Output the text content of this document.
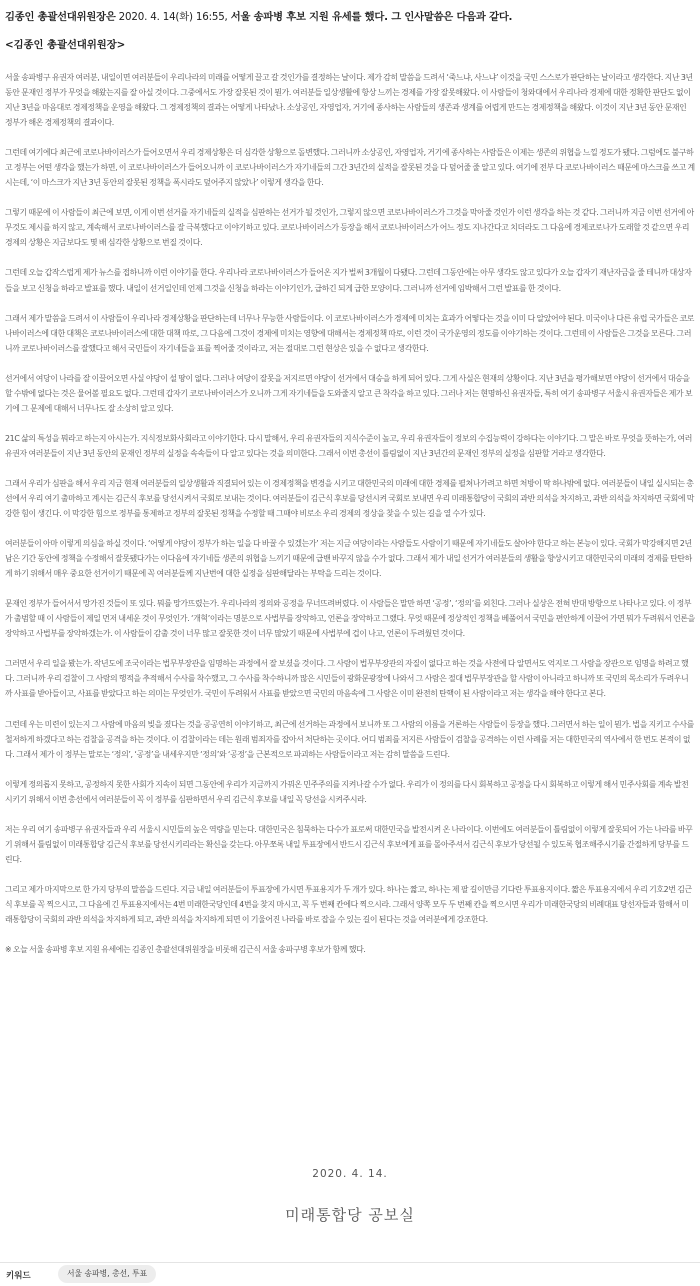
김종인 총괄선대위원장은 2020. 4. 14(화) 16:55, 서울 송파병 후보 지원 유세를 했다. 그 인사말씀은 다음과 같다.

<김종인 총괄선대위원장>

서울 송파병구 유권자 여러분, 내일이면 여러분들이 우리나라의 미래를 어떻게 끌고 갈 것인가를 결정하는 날이다. 제가 감히 말씀을 드려서 ‘죽느냐, 사느냐’ 이것을 국민 스스로가 판단하는 날이라고 생각한다. 지난 3년 동안 문재인 정부가 무엇을 해왔는지를 잘 아실 것이다. 그중에서도 가장 잘못된 것이 뭔가. 여러분들 일상생활에 항상 느끼는 경제를 가장 잘못해왔다. 이 사람들이 청와대에서 우리나라 경제에 대한 정확한 판단도 없이 지난 3년을 마음대로 경제정책을 운영을 해왔다. 그 경제정책의 결과는 어떻게 나타났나. 소상공인, 자영업자, 거기에 종사하는 사람들의 생존과 생계를 어렵게 만드는 경제정책을 해왔다. 이것이 지난 3년 동안 문재인 정부가 해온 경제정책의 결과이다.

그런데 여기에다 최근에 코로나바이러스가 들어오면서 우리 경제상황은 더 심각한 상황으로 돌변했다. 그러니까 소상공인, 자영업자, 거기에 종사하는 사람들은 이제는 생존의 위협을 느낄 정도가 됐다. 그럼에도 불구하고 정부는 어떤 생각을 했는가 하면, 이 코로나바이러스가 들어오니까 이 코로나바이러스가 자기네들의 그간 3년간의 실적을 잘못된 것을 다 덮어줄 줄 알고 있다. 여기에 전부 다 코로나바이러스 때문에 마스크를 쓰고 계시는데, ‘이 마스크가 지난 3년 동안의 잘못된 정책을 폭시라도 덮어주지 않았나’ 이렇게 생각을 한다.

그렇기 때문에 이 사람들이 최근에 보면, 이게 이번 선거를 자기네들의 실적을 심판하는 선거가 될 것인가, 그렇지 않으면 코로나바이러스가 그것을 막아줄 것인가 이런 생각을 하는 것 같다. 그러니까 지금 이번 선거에 아무것도 제시를 하지 않고, 계속해서 코로나바이러스를 잘 극복했다고 이야기하고 있다. 코로나바이러스가 등장을 해서 코로나바이러스가 어느 정도 지나간다고 치더라도 그 다음에 경제코로나가 도래할 것 같으면 우리 경제의 상황은 지금보다도 몇 배 심각한 상황으로 번질 것이다.

그런데 오늘 갑작스럽게 제가 뉴스를 접하니까 이런 이야기를 한다. 우리나라 코로나바이러스가 들어온 지가 벌써 3개월이 다됐다. 그런데 그동안에는 아무 생각도 않고 있다가 오늘 갑자기 재난자금을 줄 테니까 대상자들을 보고 신청을 하라고 발표를 했다. 내일이 선거일인데 언제 그것을 신청을 하라는 이야기인가, 급하긴 되게 급한 모양이다. 그러니까 선거에 임박해서 그런 발표를 한 것이다.

그래서 제가 말씀을 드려서 이 사람들이 우리나라 경제상황을 판단하는데 너무나 무능한 사람들이다. 이 코로나바이러스가 경제에 미치는 효과가 어떻다는 것을 이미 다 알았어야 된다. 미국이나 다른 유럽 국가들은 코로나바이러스에 대한 대책은 코로나바이러스에 대한 대책 따로, 그 다음에 그것이 경제에 미치는 영향에 대해서는 경제정책 따로, 이런 것이 국가운영의 정도를 이야기하는 것이다. 그런데 이 사람들은 그것을 모른다. 그러니까 코로나바이러스를 잘했다고 해서 국민들이 자기네들을 표를 찍어줄 것이라고, 저는 절대로 그런 현상은 있을 수 없다고 생각한다.

선거에서 여당이 나라를 잘 이끌어오면 사실 야당이 설 땅이 없다. 그러나 여당이 잘못을 저지르면 야당이 선거에서 대승을 하게 되어 있다. 그게 사실은 현재의 상황이다. 지난 3년을 평가해보면 야당이 선거에서 대승을 할 수밖에 없다는 것은 물어볼 필요도 없다. 그런데 갑자기 코로나바이러스가 오니까 그게 자기네들을 도와줄지 알고 큰 착각을 하고 있다. 그러나 저는 현명하신 유권자들, 특히 여기 송파병구 서울시 유권자들은 제가 보기에 그 문제에 대해서 너무나도 잘 소상히 알고 있다.

21C 삶의 특성을 뭐라고 하는지 아시는가. 지식정보화사회라고 이야기한다. 다시 말해서, 우리 유권자들의 지식수준이 높고, 우리 유권자들이 정보의 수집능력이 강하다는 이야기다. 그 말은 바로 무엇을 뜻하는가, 여러 유권자 여러분들이 지난 3년 동안의 문재인 정부의 실정을 속속들이 다 알고 있다는 것을 의미한다. 그래서 이번 총선이 틀림없이 지난 3년간의 문재인 정부의 실정을 심판할 거라고 생각한다.

그래서 우리가 심판을 해서 우리 지금 현재 여러분들의 일상생활과 직결되어 있는 이 경제정책을 변경을 시키고 대한민국의 미래에 대한 경제를 펼쳐나가려고 하면 처방이 딱 하나밖에 없다. 여러분들이 내일 실시되는 총선에서 우리 여기 출마하고 계시는 김근식 후보를 당선시켜서 국회로 보내는 것이다. 여러분들이 김근식 후보를 당선시켜 국회로 보내면 우리 미래통합당이 국회의 과반 의석을 차지하고, 과반 의석을 차지하면 국회에 막강한 힘이 생긴다. 이 막강한 힘으로 정부를 통제하고 정부의 잘못된 정책을 수정할 때 그때야 비로소 우리 경제의 정상을 찾을 수 있는 길을 열 수가 있다.

여러분들이 아마 이렇게 의심을 하실 것이다. ‘어떻게 야당이 정부가 하는 일을 다 바꿀 수 있겠는가’ 저는 지금 여당이라는 사람들도 사람이기 때문에 자기네들도 살아야 한다고 하는 본능이 있다. 국회가 막강해지면 2년 남은 기간 동안에 정책을 수정해서 잘못됐다가는 이다음에 자기네들 생존의 위협을 느끼기 때문에 급밴 바꾸지 않을 수가 없다. 그래서 제가 내일 선거가 여러분들의 생활을 향상시키고 대한민국의 미래의 경제를 탄탄하게 하기 위해서 매우 중요한 선거이기 때문에 꼭 여러분들께 지난번에 대한 실정을 심판해달라는 부탁을 드리는 것이다.

문재인 정부가 들어서서 망가진 것들이 또 있다. 뭐를 망가뜨렸는가. 우리나라의 정의와 공정을 무너뜨려버렸다. 이 사람들은 말만 하면 ‘공정’, ‘정의’를 외친다. 그러나 실상은 전혀 반대 방향으로 나타나고 있다. 이 정부가 출범할 때 이 사람들이 제일 먼저 내세운 것이 무엇인가. ‘개혁’이라는 명분으로 사법부를 장악하고, 언론을 장악하고 그랬다. 무엇 때문에 정상적인 정책을 베풀어서 국민을 편안하게 이끌어 가면 뭐가 두려워서 언론을 장악하고 사법부를 장악하겠는가. 이 사람들이 감출 것이 너무 많고 잘못한 것이 너무 많았기 때문에 사법부에 겁이 나고, 언론이 두려웠던 것이다.

그러면서 우리 일을 봤는가. 작년도에 조국이라는 법무부장관을 임명하는 과정에서 잘 보셨을 것이다. 그 사람이 법무부장관의 자질이 없다고 하는 것을 사전에 다 알면서도 억지로 그 사람을 장관으로 임명을 하려고 했다. 그러니까 우리 검찰이 그 사람의 행적을 추적해서 수사를 착수했고, 그 수사를 착수하니까 많은 시민들이 광화문광장에 나와서 그 사람은 절대 법무부장관을 할 사람이 아니라고 하니까 또 국민의 목소리가 두려우니까 사표를 받아들이고, 사표를 받았다고 하는 의미는 무엇인가. 국민이 두려워서 사표를 받았으면 국민의 마음속에 그 사람은 이미 완전히 탄핵이 된 사람이라고 저는 생각을 해야 한다고 본다.

그런데 우는 미련이 있는지 그 사람에 마음의 빚을 졌다는 것을 공공연히 이야기하고, 최근에 선거하는 과정에서 보니까 또 그 사람의 이름을 거론하는 사람들이 등장을 했다. 그러면서 하는 일이 뭔가. 법을 지키고 수사를 철저하게 하겠다고 하는 검찰을 공격을 하는 것이다. 이 검찰이라는 데는 원래 범죄자를 잡아서 처단하는 곳이다. 어디 범죄를 저지른 사람들이 검찰을 공격하는 이런 사례를 저는 대한민국의 역사에서 한 번도 본적이 없다. 그래서 제가 이 정부는 말로는 ‘정의’, ‘공정’을 내세우지만 ‘정의’와 ‘공정’을 근본적으로 파괴하는 사람들이라고 저는 감히 말씀을 드린다.

이렇게 정의롭지 못하고, 공정하지 못한 사회가 지속이 되면 그동안에 우리가 지금까지 가꿔온 민주주의를 지켜나갈 수가 없다. 우리가 이 정의를 다시 회복하고 공정을 다시 회복하고 이렇게 해서 민주사회를 계속 발전시키기 위해서 이번 총선에서 여러분들이 꼭 이 정부를 심판하면서 우리 김근식 후보를 내일 꼭 당선을 시켜주시라.

저는 우리 여기 송파병구 유권자들과 우리 서울시 시민들의 높은 역량을 믿는다. 대한민국은 침묵하는 다수가 표로써 대한민국을 발전시켜 온 나라이다. 이번에도 여러분들이 틀림없이 이렇게 잘못되어 가는 나라를 바꾸기 위해서 틀림없이 미래통합당 김근식 후보를 당선시키리라는 확신을 갖는다. 아무쪼록 내일 투표장에서 반드시 김근식 후보에게 표를 몰아주셔서 김근식 후보가 당선될 수 있도록 협조해주시기를 간절하게 당부를 드린다.

그리고 제가 마지막으로 한 가지 당부의 말씀을 드린다. 지금 내일 여러분들이 투표장에 가시면 투표용지가 두 개가 있다. 하나는 짧고, 하나는 제 팔 길이만큼 기다란 투표용지이다. 짧은 투표용지에서 우리 기호2번 김근식 후보를 꼭 찍으시고, 그 다음에 긴 투표용지에서는 4번 미래한국당인데 4번을 찾지 마시고, 꼭 두 번째 칸에다 찍으시라. 그래서 양쪽 모두 두 번째 칸을 찍으시면 우리가 미래한국당의 비례대표 당선자들과 함해서 미래통합당이 국회의 과반 의석을 차지하게 되고, 과반 의석을 차지하게 되면 이 기울어진 나라를 바로 잡을 수 있는 길이 된다는 것을 여러분에게 강조한다.

※ 오늘 서울 송파병 후보 지원 유세에는 김종인 총괄선대위원장을 비롯해 김근식 서울 송파구병 후보가 함께 했다.

2020. 4. 14.
미래통합당 공보실
키워드	서울 송파병, 총선, 투표
